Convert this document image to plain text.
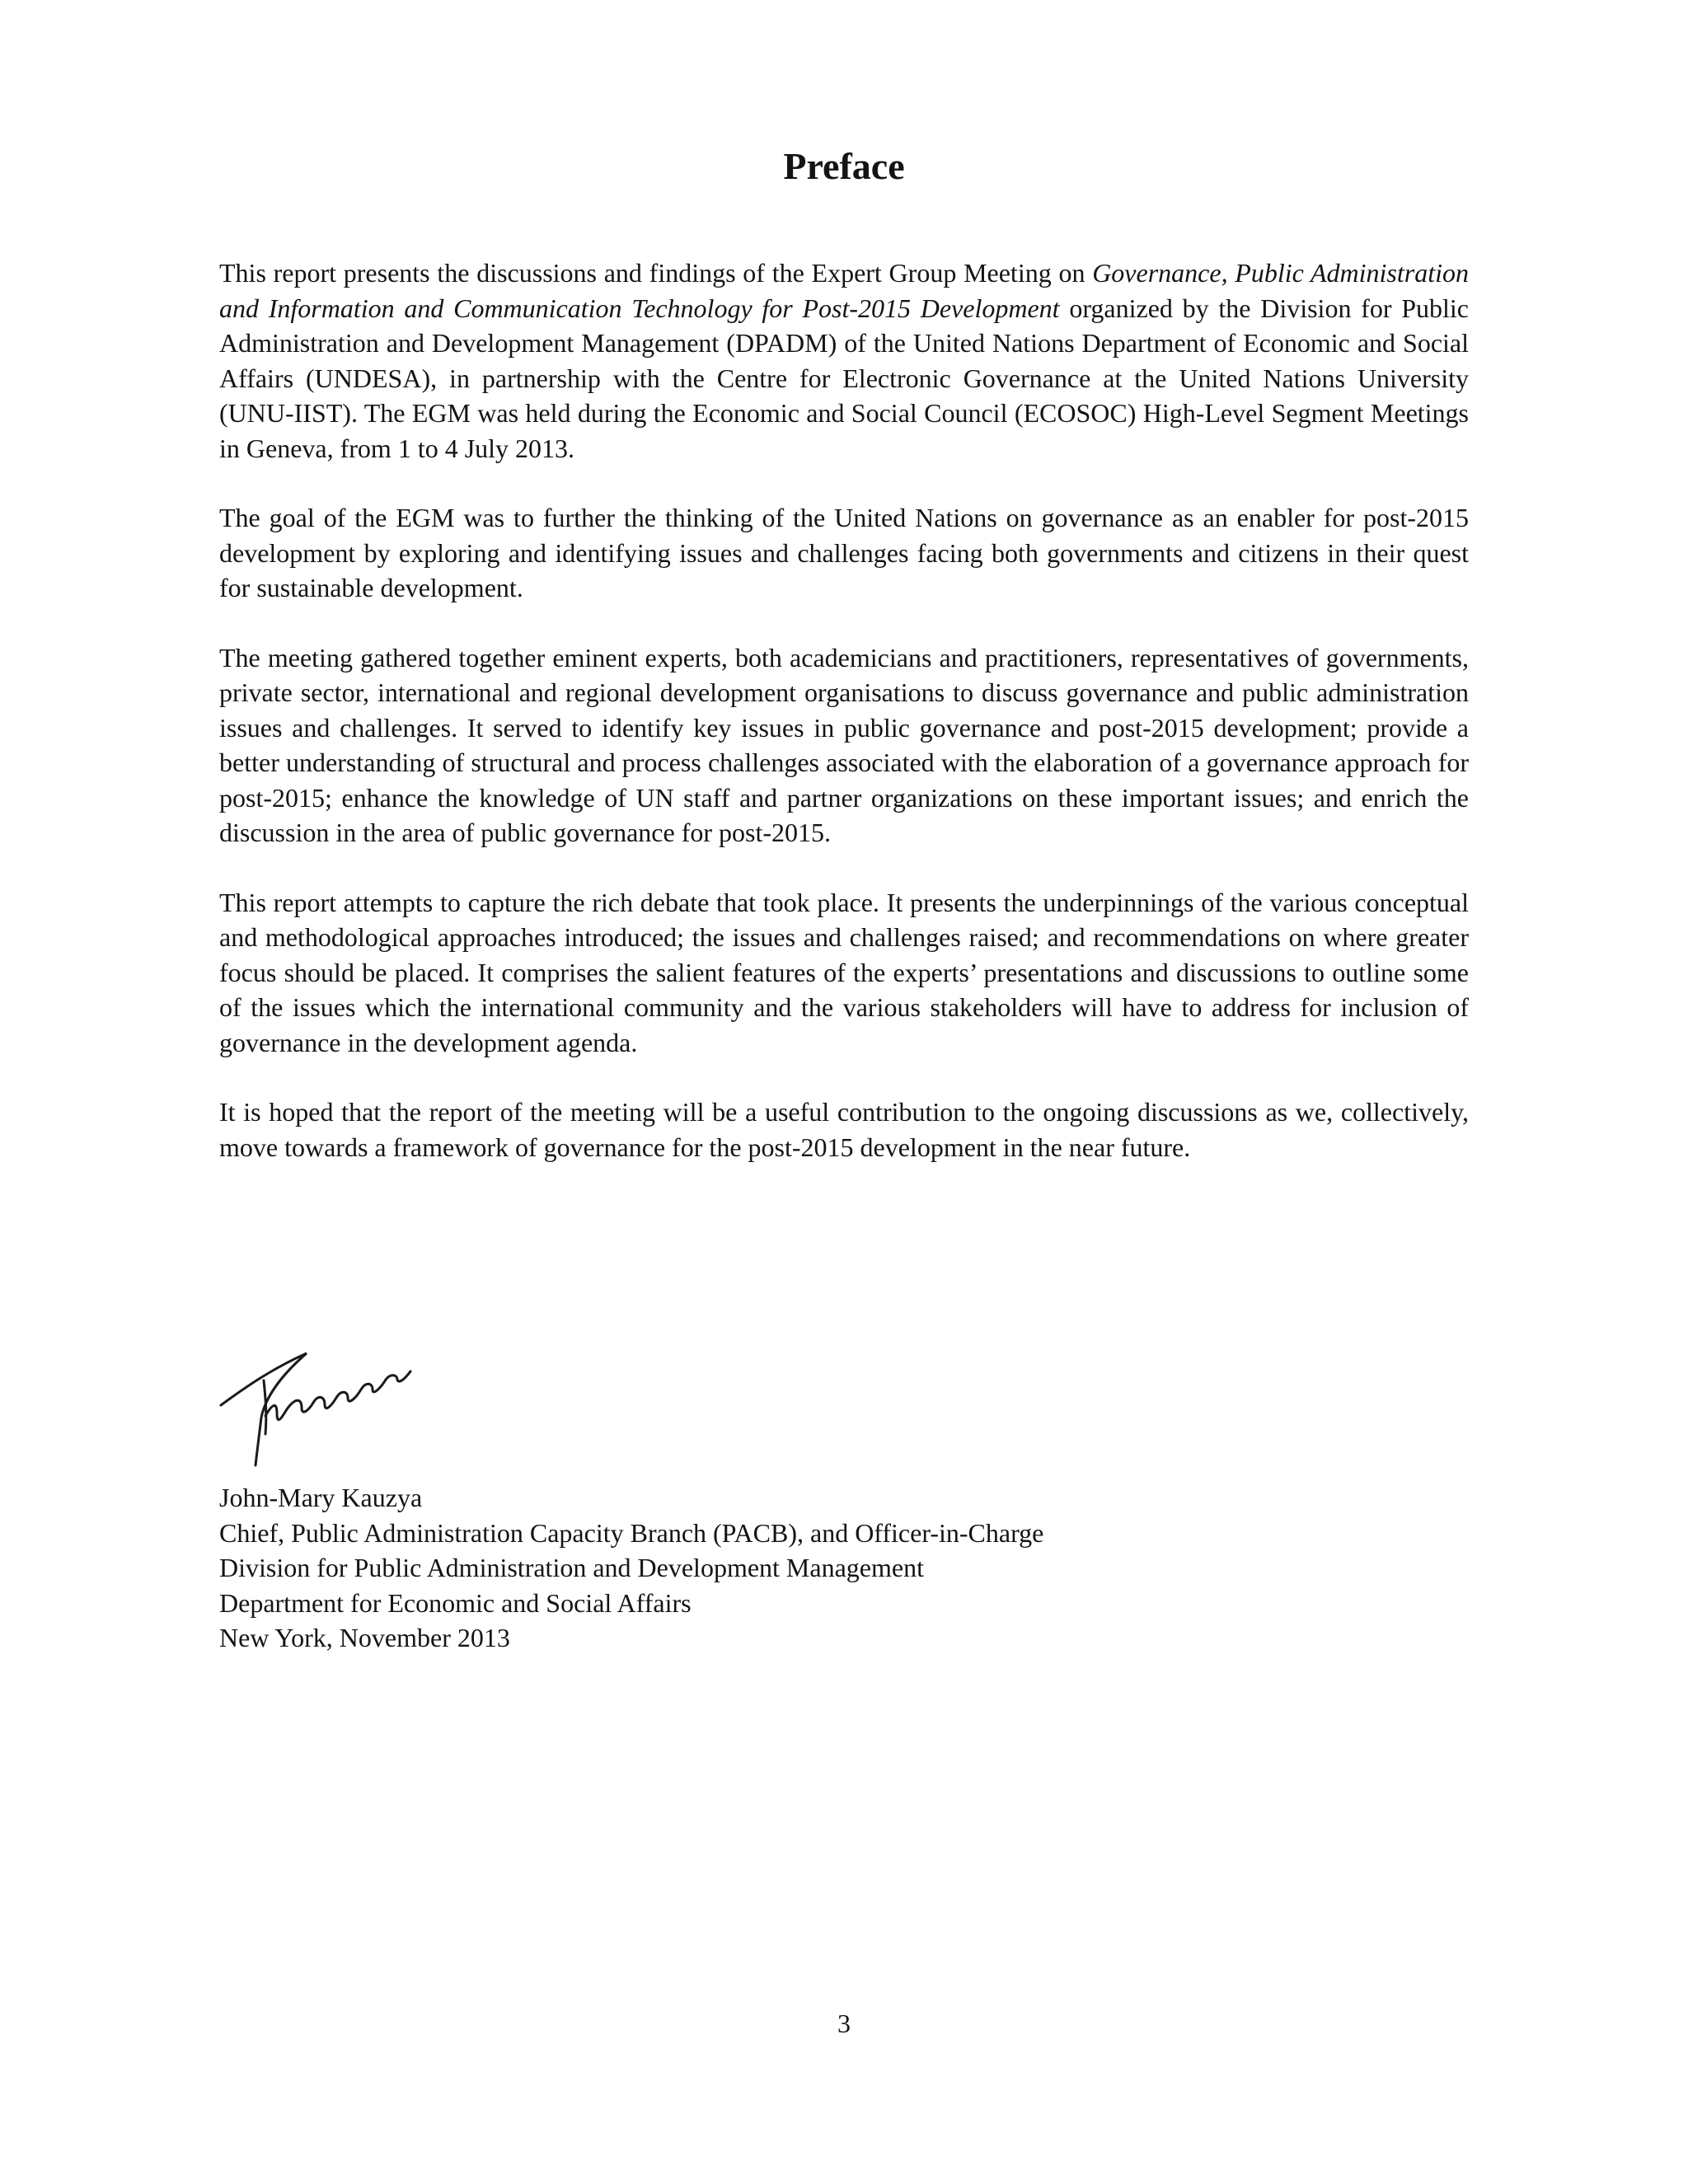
Preface

This report presents the discussions and findings of the Expert Group Meeting on Governance, Public Administration and Information and Communication Technology for Post-2015 Development organized by the Division for Public Administration and Development Management (DPADM) of the United Nations Department of Economic and Social Affairs (UNDESA), in partnership with the Centre for Electronic Governance at the United Nations University (UNU-IIST). The EGM was held during the Economic and Social Council (ECOSOC) High-Level Segment Meetings in Geneva, from 1 to 4 July 2013.

The goal of the EGM was to further the thinking of the United Nations on governance as an enabler for post-2015 development by exploring and identifying issues and challenges facing both governments and citizens in their quest for sustainable development.

The meeting gathered together eminent experts, both academicians and practitioners, representatives of governments, private sector, international and regional development organisations to discuss governance and public administration issues and challenges. It served to identify key issues in public governance and post-2015 development; provide a better understanding of structural and process challenges associated with the elaboration of a governance approach for post-2015; enhance the knowledge of UN staff and partner organizations on these important issues; and enrich the discussion in the area of public governance for post-2015.

This report attempts to capture the rich debate that took place. It presents the underpinnings of the various conceptual and methodological approaches introduced; the issues and challenges raised; and recommendations on where greater focus should be placed. It comprises the salient features of the experts’ presentations and discussions to outline some of the issues which the international community and the various stakeholders will have to address for inclusion of governance in the development agenda.

It is hoped that the report of the meeting will be a useful contribution to the ongoing discussions as we, collectively, move towards a framework of governance for the post-2015 development in the near future.

John-Mary Kauzya
Chief, Public Administration Capacity Branch (PACB), and Officer-in-Charge
Division for Public Administration and Development Management
Department for Economic and Social Affairs
New York, November 2013
3
